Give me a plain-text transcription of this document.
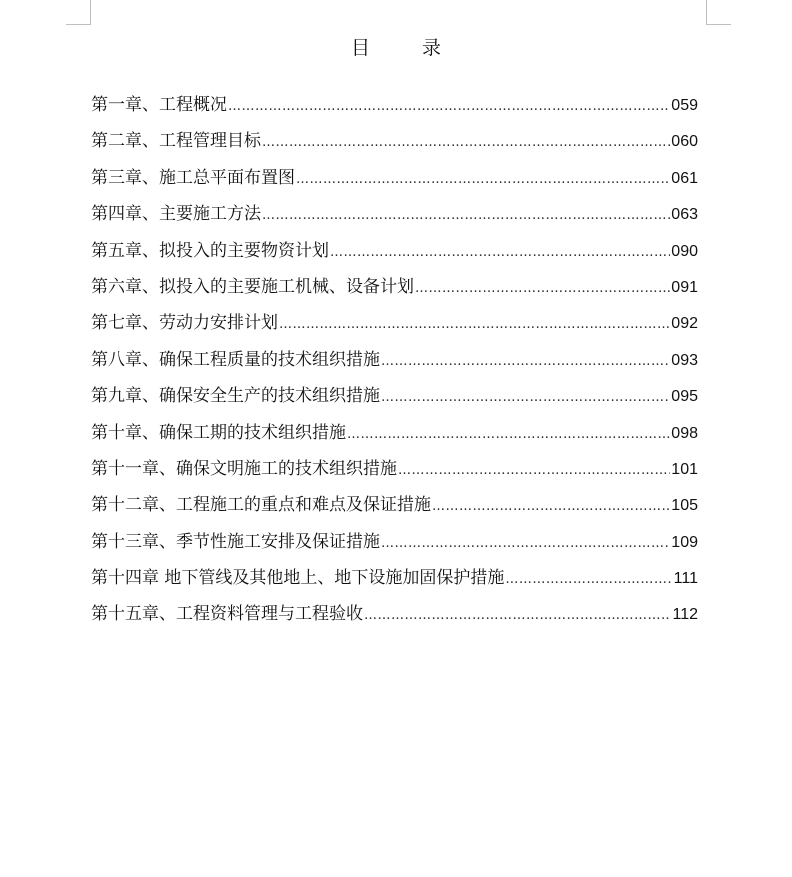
目	录
第一章、工程概况 ……………………………………………………………………………………………………………………………………………………………………………………	059
第二章、工程管理目标 ……………………………………………………………………………………………………………………………………………………………………………………	060
第三章、施工总平面布置图 ……………………………………………………………………………………………………………………………………………………………………………………	061
第四章、主要施工方法 ……………………………………………………………………………………………………………………………………………………………………………………	063
第五章、拟投入的主要物资计划 ……………………………………………………………………………………………………………………………………………………………………………………	090
第六章、拟投入的主要施工机械、设备计划 ……………………………………………………………………………………………………………………………………………………………………………………	091
第七章、劳动力安排计划 ……………………………………………………………………………………………………………………………………………………………………………………	092
第八章、确保工程质量的技术组织措施 ……………………………………………………………………………………………………………………………………………………………………………………	093
第九章、确保安全生产的技术组织措施 ……………………………………………………………………………………………………………………………………………………………………………………	095
第十章、确保工期的技术组织措施 ……………………………………………………………………………………………………………………………………………………………………………………	098
第十一章、确保文明施工的技术组织措施 ……………………………………………………………………………………………………………………………………………………………………………………	101
第十二章、工程施工的重点和难点及保证措施 ……………………………………………………………………………………………………………………………………………………………………………………	105
第十三章、季节性施工安排及保证措施 ……………………………………………………………………………………………………………………………………………………………………………………	109
第十四章 地下管线及其他地上、地下设施加固保护措施 ……………………………………………………………………………………………………………………………………………………………………………………	111
第十五章、工程资料管理与工程验收 ……………………………………………………………………………………………………………………………………………………………………………………	112
